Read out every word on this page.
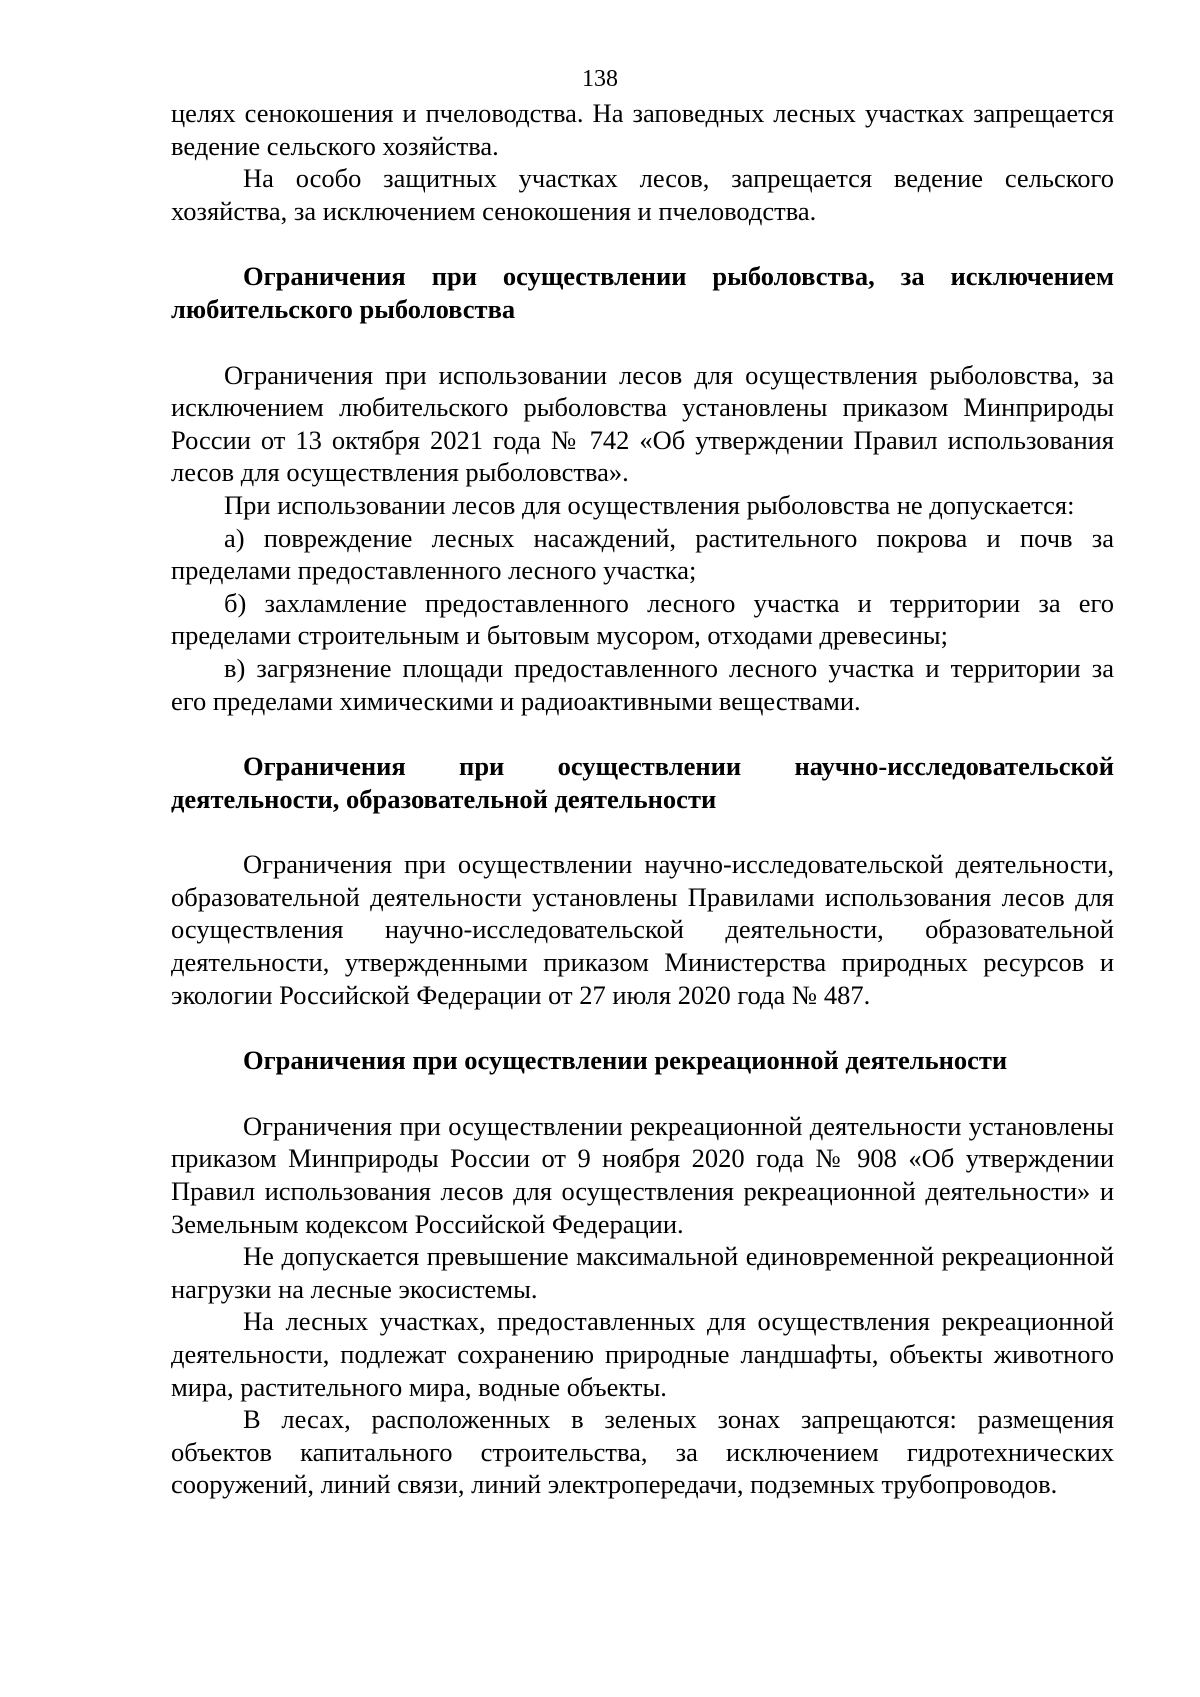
138

целях сенокошения и пчеловодства. На заповедных лесных участках запрещается ведение сельского хозяйства.

На особо защитных участках лесов, запрещается ведение сельского хозяйства, за исключением сенокошения и пчеловодства.

Ограничения при осуществлении рыболовства, за исключением любительского рыболовства

Ограничения при использовании лесов для осуществления рыболовства, за исключением любительского рыболовства установлены приказом Минприроды России от 13 октября 2021 года № 742 «Об утверждении Правил использования лесов для осуществления рыболовства».

При использовании лесов для осуществления рыболовства не допускается:

а) повреждение лесных насаждений, растительного покрова и почв за пределами предоставленного лесного участка;

б) захламление предоставленного лесного участка и территории за его пределами строительным и бытовым мусором, отходами древесины;

в) загрязнение площади предоставленного лесного участка и территории за его пределами химическими и радиоактивными веществами.

Ограничения при осуществлении научно-исследовательской деятельности, образовательной деятельности

Ограничения при осуществлении научно-исследовательской деятельности, образовательной деятельности установлены Правилами использования лесов для осуществления научно-исследовательской деятельности, образовательной деятельности, утвержденными приказом Министерства природных ресурсов и экологии Российской Федерации от 27 июля 2020 года № 487.

Ограничения при осуществлении рекреационной деятельности

Ограничения при осуществлении рекреационной деятельности установлены приказом Минприроды России от 9 ноября 2020 года № 908 «Об утверждении Правил использования лесов для осуществления рекреационной деятельности» и Земельным кодексом Российской Федерации.

Не допускается превышение максимальной единовременной рекреационной нагрузки на лесные экосистемы.

На лесных участках, предоставленных для осуществления рекреационной деятельности, подлежат сохранению природные ландшафты, объекты животного мира, растительного мира, водные объекты.

В лесах, расположенных в зеленых зонах запрещаются: размещения объектов капитального строительства, за исключением гидротехнических сооружений, линий связи, линий электропередачи, подземных трубопроводов.
